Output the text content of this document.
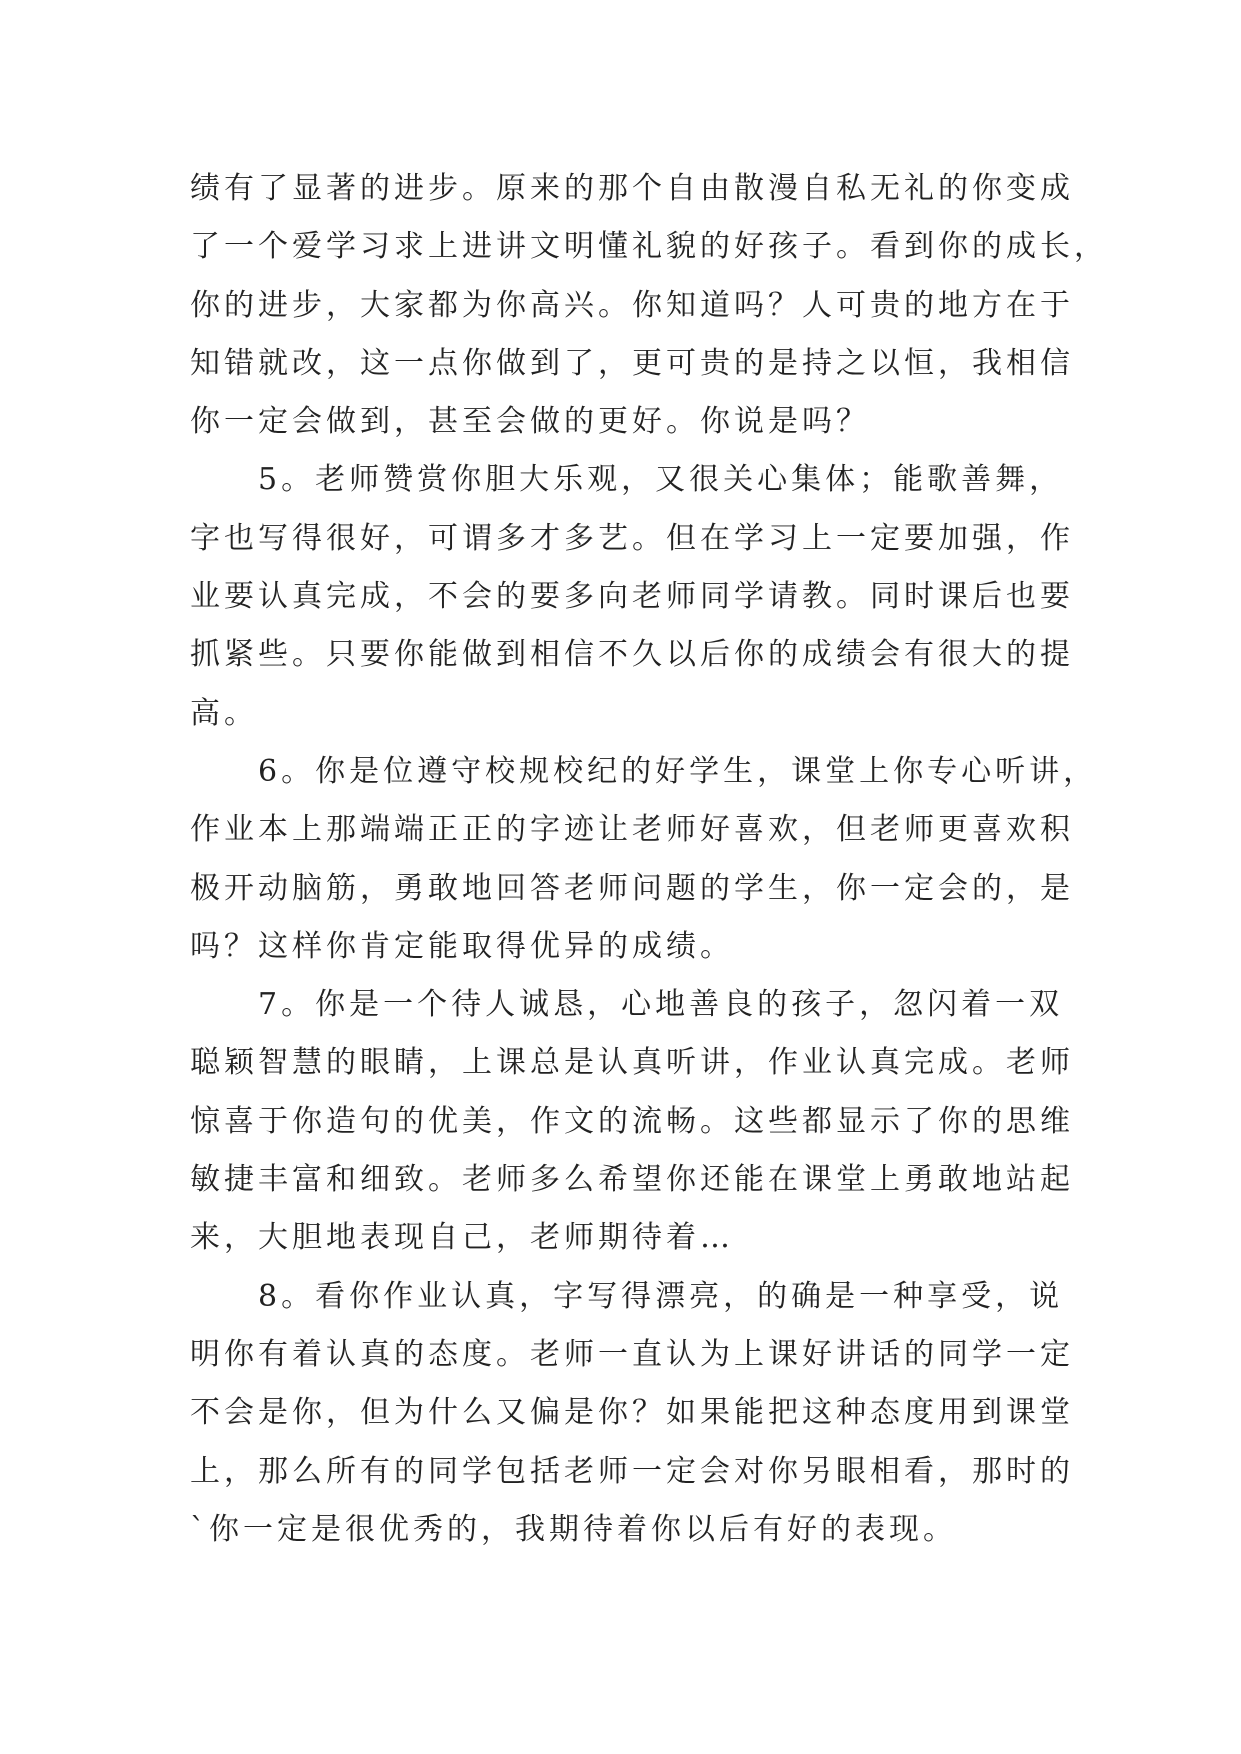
绩有了显著的进步。原来的那个自由散漫自私无礼的你变成
了一个爱学习求上进讲文明懂礼貌的好孩子。看到你的成长，
你的进步，大家都为你高兴。你知道吗？人可贵的地方在于
知错就改，这一点你做到了，更可贵的是持之以恒，我相信
你一定会做到，甚至会做的更好。你说是吗？
　　5。老师赞赏你胆大乐观，又很关心集体；能歌善舞，
字也写得很好，可谓多才多艺。但在学习上一定要加强，作
业要认真完成，不会的要多向老师同学请教。同时课后也要
抓紧些。只要你能做到相信不久以后你的成绩会有很大的提
高。
　　6。你是位遵守校规校纪的好学生，课堂上你专心听讲，
作业本上那端端正正的字迹让老师好喜欢，但老师更喜欢积
极开动脑筋，勇敢地回答老师问题的学生，你一定会的，是
吗？这样你肯定能取得优异的成绩。
　　7。你是一个待人诚恳，心地善良的孩子，忽闪着一双
聪颖智慧的眼睛，上课总是认真听讲，作业认真完成。老师
惊喜于你造句的优美，作文的流畅。这些都显示了你的思维
敏捷丰富和细致。老师多么希望你还能在课堂上勇敢地站起
来，大胆地表现自己，老师期待着…
　　8。看你作业认真，字写得漂亮，的确是一种享受，说
明你有着认真的态度。老师一直认为上课好讲话的同学一定
不会是你，但为什么又偏是你？如果能把这种态度用到课堂
上，那么所有的同学包括老师一定会对你另眼相看，那时的
`你一定是很优秀的，我期待着你以后有好的表现。
